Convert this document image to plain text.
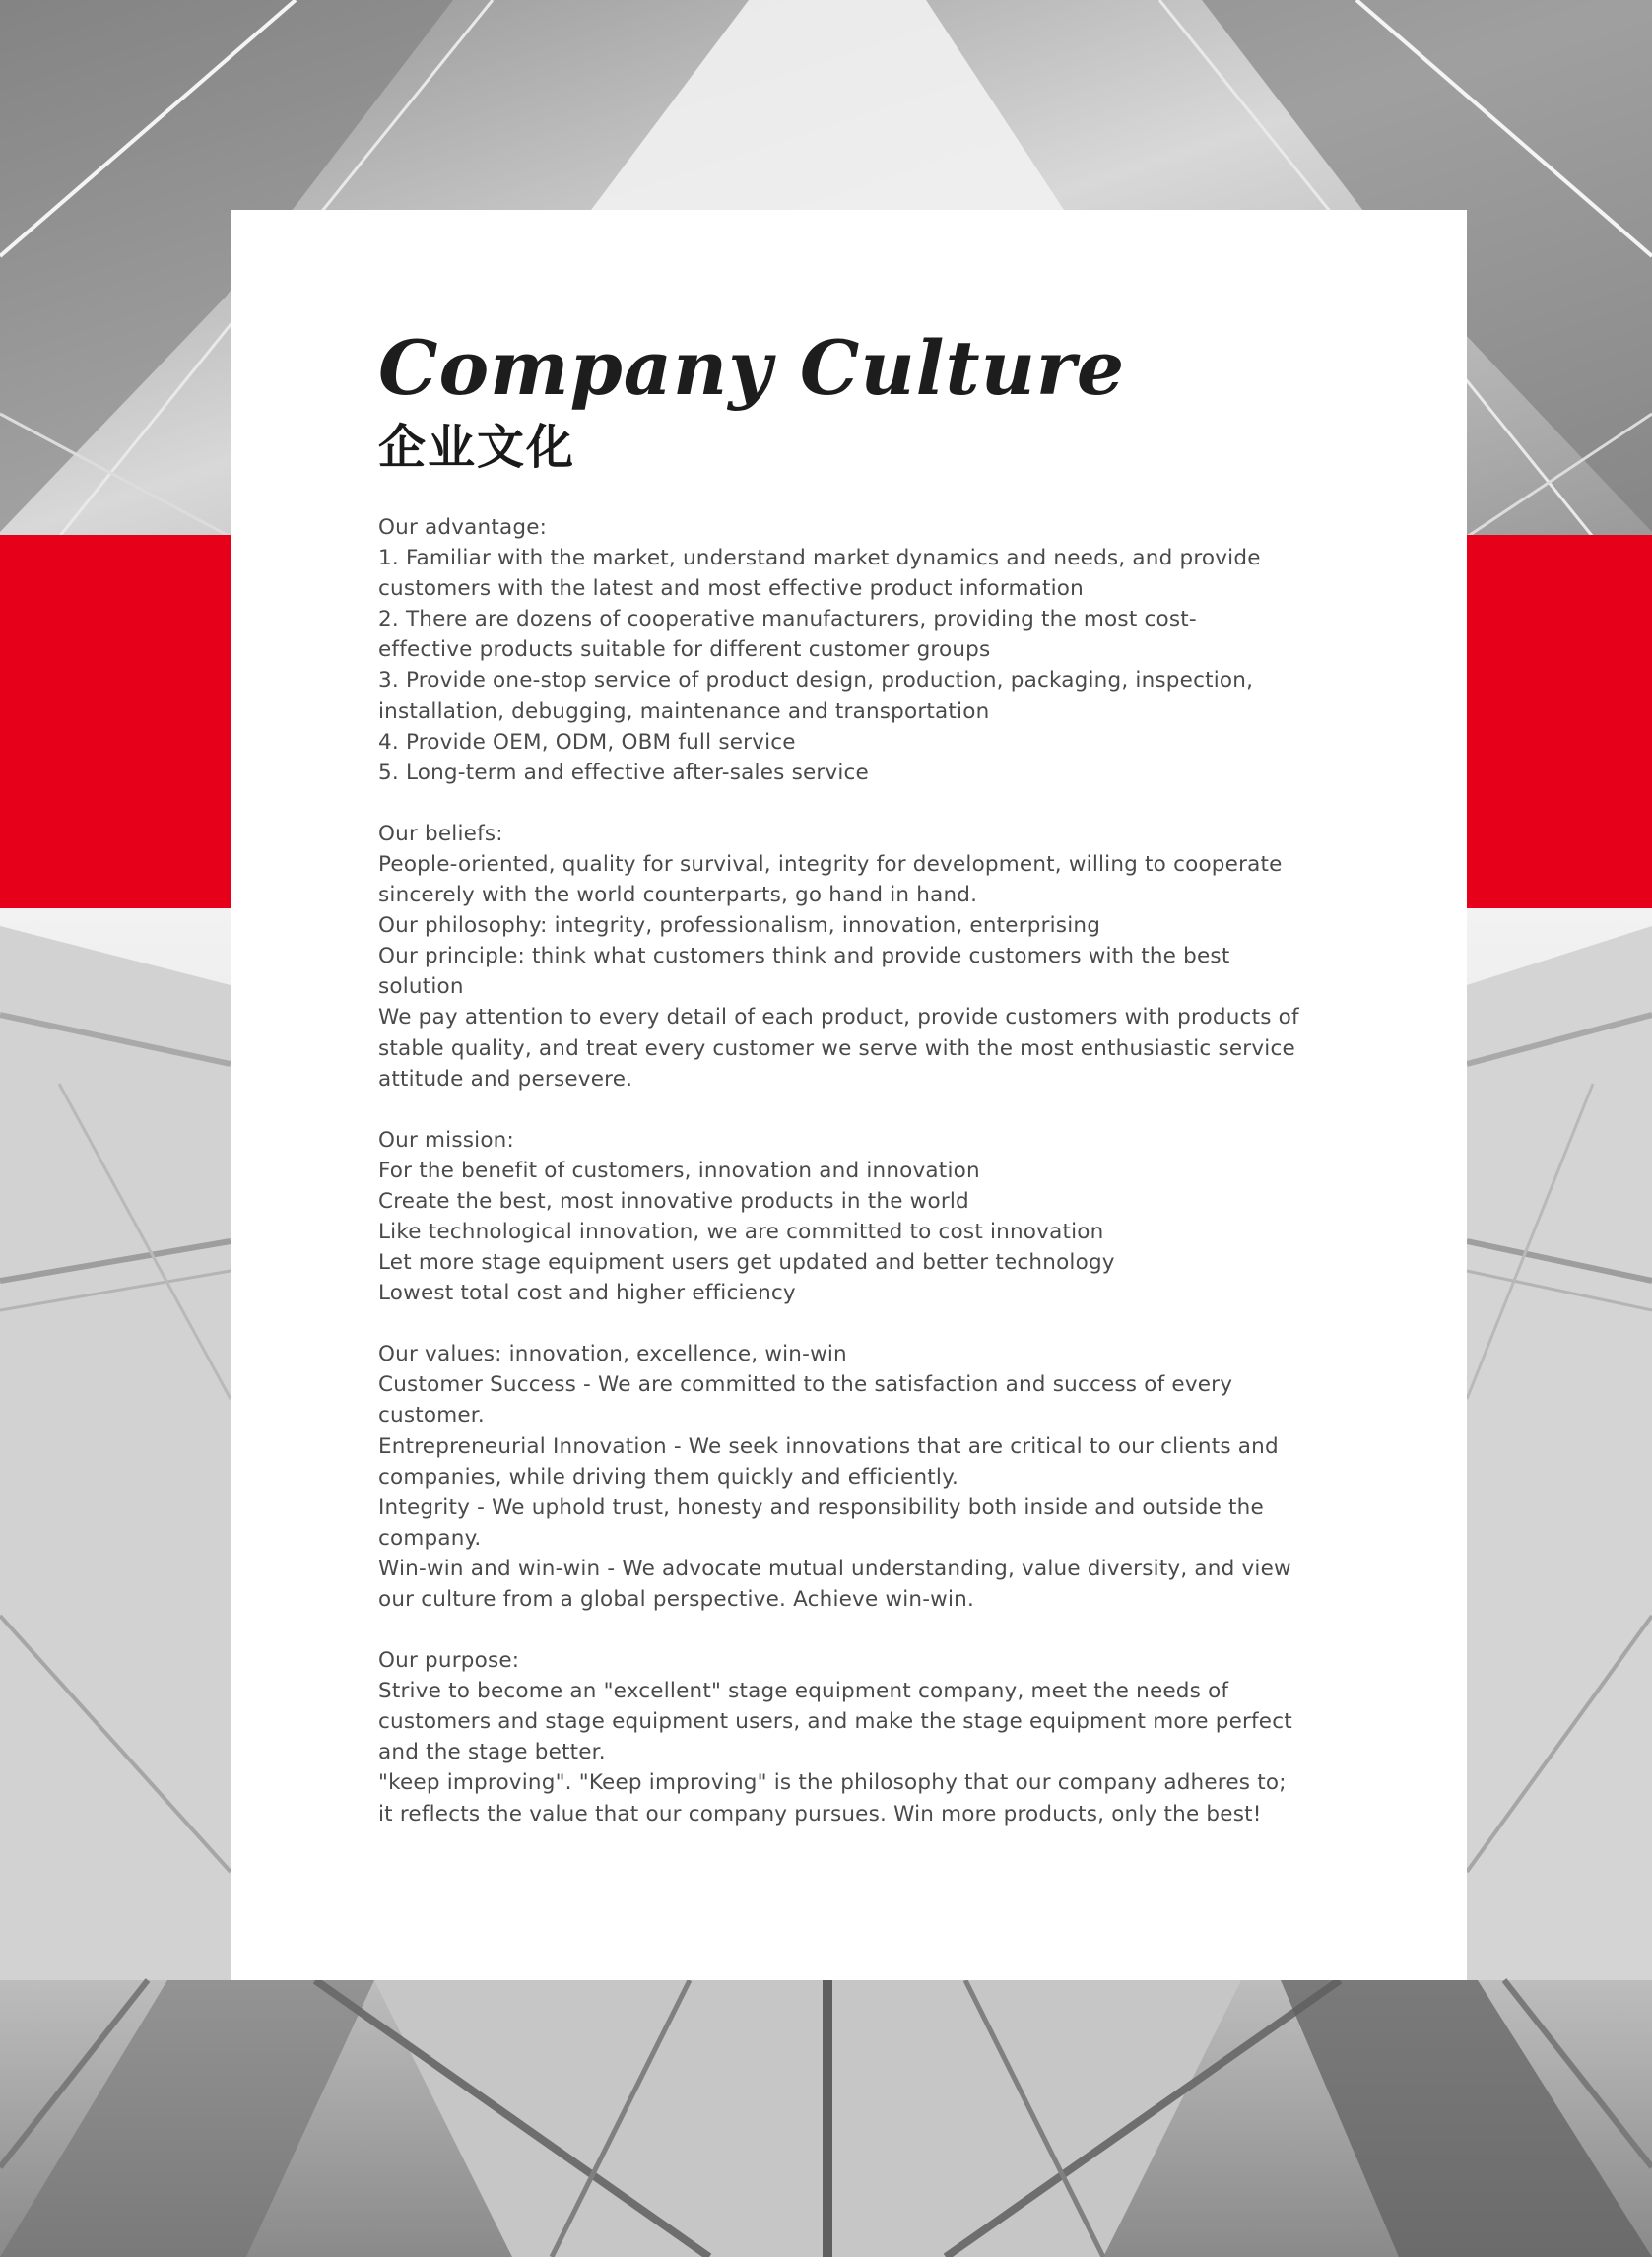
Company Culture
企业文化
Our advantage:
1. Familiar with the market, understand market dynamics and needs, and provide
customers with the latest and most effective product information
2. There are dozens of cooperative manufacturers, providing the most cost-
effective products suitable for different customer groups
3. Provide one-stop service of product design, production, packaging, inspection,
installation, debugging, maintenance and transportation
4. Provide OEM, ODM, OBM full service
5. Long-term and effective after-sales service
Our beliefs:
People-oriented, quality for survival, integrity for development, willing to cooperate
sincerely with the world counterparts, go hand in hand.
Our philosophy: integrity, professionalism, innovation, enterprising
Our principle: think what customers think and provide customers with the best
solution
We pay attention to every detail of each product, provide customers with products of
stable quality, and treat every customer we serve with the most enthusiastic service
attitude and persevere.
Our mission:
For the benefit of customers, innovation and innovation
Create the best, most innovative products in the world
Like technological innovation, we are committed to cost innovation
Let more stage equipment users get updated and better technology
Lowest total cost and higher efficiency
Our values: innovation, excellence, win-win
Customer Success - We are committed to the satisfaction and success of every
customer.
Entrepreneurial Innovation - We seek innovations that are critical to our clients and
companies, while driving them quickly and efficiently.
Integrity - We uphold trust, honesty and responsibility both inside and outside the
company.
Win-win and win-win - We advocate mutual understanding, value diversity, and view
our culture from a global perspective. Achieve win-win.
Our purpose:
Strive to become an "excellent" stage equipment company, meet the needs of
customers and stage equipment users, and make the stage equipment more perfect
and the stage better.
"keep improving". "Keep improving" is the philosophy that our company adheres to;
it reflects the value that our company pursues. Win more products, only the best!
